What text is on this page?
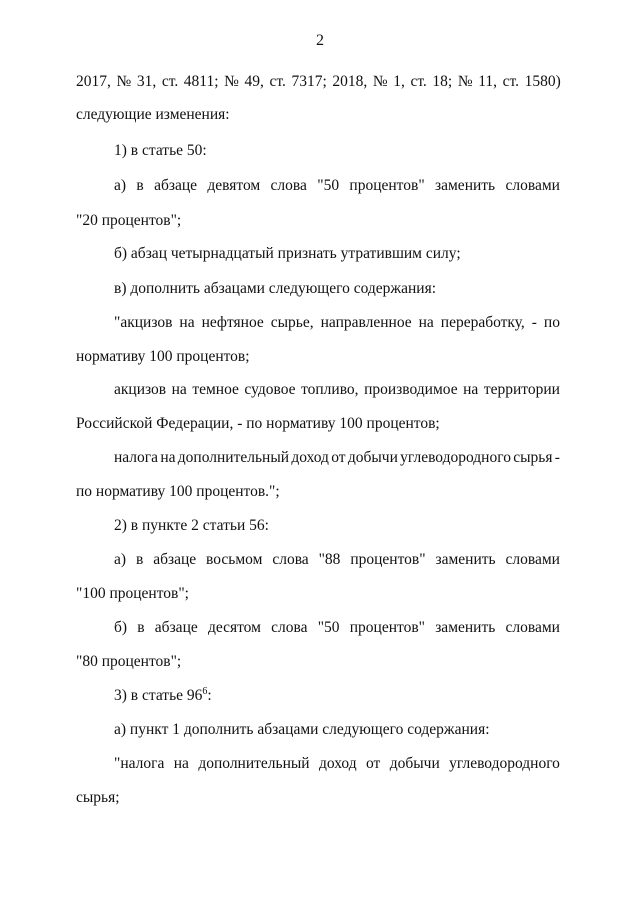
2
2017, № 31, ст. 4811; № 49, ст. 7317; 2018, № 1, ст. 18; № 11, ст. 1580)
следующие изменения:
1) в статье 50:
а) в абзаце девятом слова "50 процентов" заменить словами
"20 процентов";
б) абзац четырнадцатый признать утратившим силу;
в) дополнить абзацами следующего содержания:
"акцизов на нефтяное сырье, направленное на переработку, - по
нормативу 100 процентов;
акцизов на темное судовое топливо, производимое на территории
Российской Федерации, - по нормативу 100 процентов;
налога на дополнительный доход от добычи углеводородного сырья -
по нормативу 100 процентов.";
2) в пункте 2 статьи 56:
а) в абзаце восьмом слова "88 процентов" заменить словами
"100 процентов";
б) в абзаце десятом слова "50 процентов" заменить словами
"80 процентов";
3) в статье $96^6$:
а) пункт 1 дополнить абзацами следующего содержания:
"налога на дополнительный доход от добычи углеводородного
сырья;
